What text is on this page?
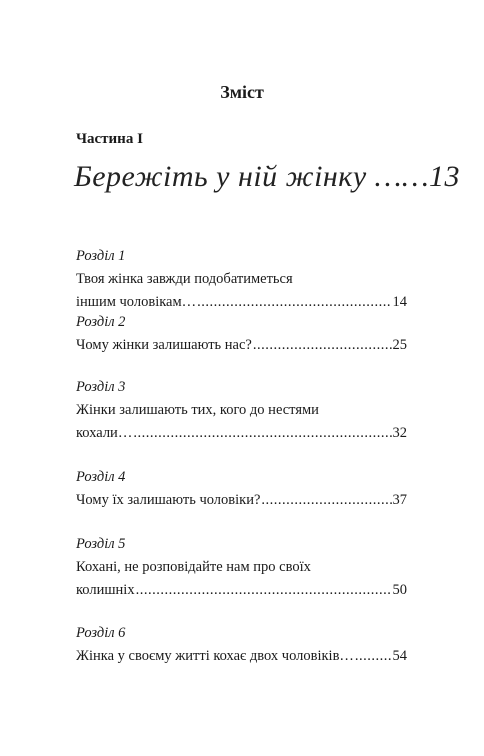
Зміст
Частина I
Бережіть у ній жінку ……13
Розділ 1
Твоя жінка завжди подобатиметься
іншим чоловікам… .....	14
Розділ 2
Чому жінки залишають нас? .....	25
Розділ 3
Жінки залишають тих, кого до нестями
кохали… .....	32
Розділ 4
Чому їх залишають чоловіки? .....	37
Розділ 5
Кохані, не розповідайте нам про своїх
колишніх .....	50
Розділ 6
Жінка у своєму житті кохає двох чоловіків… .....	54
